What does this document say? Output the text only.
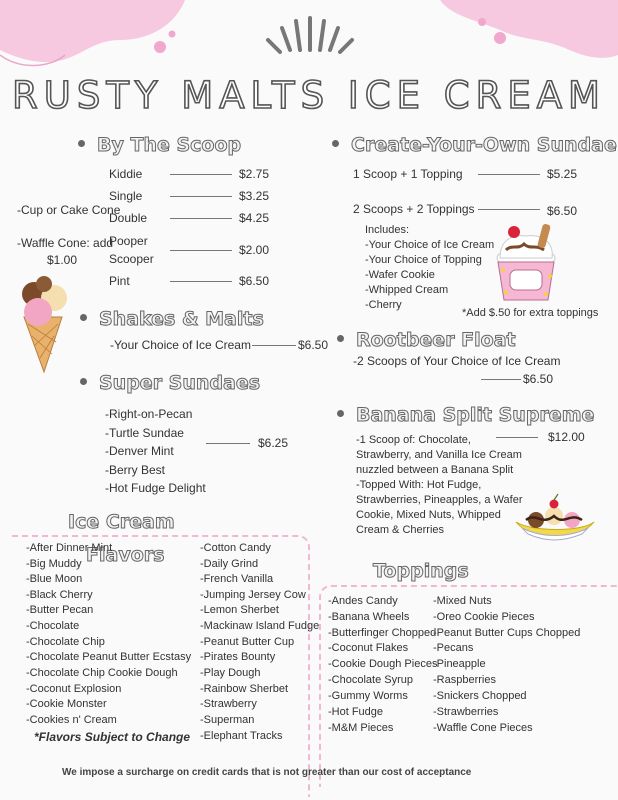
RUSTY MALTS ICE CREAM
By The Scoop
Kiddie	$2.75
Single	$3.25
Double	$4.25
-Cup or Cake Cone
-Waffle Cone: add
$1.00
Pooper
Scooper
$2.00
Pint	$6.50
Shakes & Malts
-Your Choice of Ice Cream	$6.50
Super Sundaes
-Right-on-Pecan
-Turtle Sundae
-Denver Mint
-Berry Best
-Hot Fudge Delight
$6.25
Create-Your-Own Sundae
1 Scoop + 1 Topping	$5.25
2 Scoops + 2 Toppings	$6.50
Includes:
-Your Choice of Ice Cream
-Your Choice of Topping
-Wafer Cookie
-Whipped Cream
-Cherry
*Add $.50 for extra toppings
Rootbeer Float
-2 Scoops of Your Choice of Ice Cream
$6.50
Banana Split Supreme
-1 Scoop of: Chocolate,
Strawberry, and Vanilla Ice Cream
nuzzled between a Banana Split
-Topped With: Hot Fudge,
Strawberries, Pineapples, a Wafer
Cookie, Mixed Nuts, Whipped
Cream & Cherries
$12.00
Ice Cream
Flavors
-After Dinner Mint
-Big Muddy
-Blue Moon
-Black Cherry
-Butter Pecan
-Chocolate
-Chocolate Chip
-Chocolate Peanut Butter Ecstasy
-Chocolate Chip Cookie Dough
-Coconut Explosion
-Cookie Monster
-Cookies n' Cream
-Cotton Candy
-Daily Grind
-French Vanilla
-Jumping Jersey Cow
-Lemon Sherbet
-Mackinaw Island Fudge
-Peanut Butter Cup
-Pirates Bounty
-Play Dough
-Rainbow Sherbet
-Strawberry
-Superman
-Elephant Tracks
*Flavors Subject to Change
Toppings
-Andes Candy
-Banana Wheels
-Butterfinger Chopped
-Coconut Flakes
-Cookie Dough Pieces
-Chocolate Syrup
-Gummy Worms
-Hot Fudge
-M&M Pieces
-Mixed Nuts
-Oreo Cookie Pieces
-Peanut Butter Cups Chopped
-Pecans
-Pineapple
-Raspberries
-Snickers Chopped
-Strawberries
-Waffle Cone Pieces
We impose a surcharge on credit cards that is not greater than our cost of acceptance
